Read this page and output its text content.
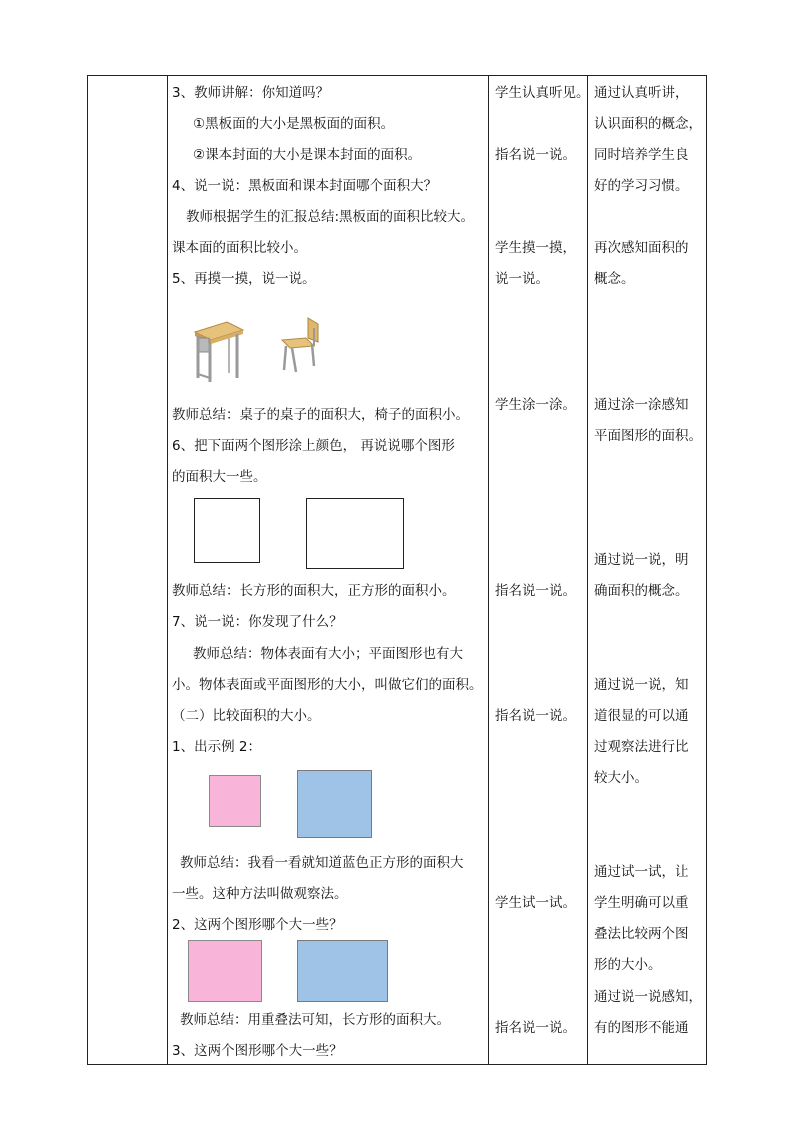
3、教师讲解：你知道吗？
①黑板面的大小是黑板面的面积。
②课本封面的大小是课本封面的面积。
4、说一说：黑板面和课本封面哪个面积大？
教师根据学生的汇报总结:黑板面的面积比较大。
课本面的面积比较小。
5、再摸一摸，说一说。
教师总结：桌子的桌子的面积大，椅子的面积小。
6、把下面两个图形涂上颜色， 再说说哪个图形
的面积大一些。
教师总结：长方形的面积大，正方形的面积小。
7、说一说：你发现了什么？
教师总结：物体表面有大小；平面图形也有大
小。物体表面或平面图形的大小，叫做它们的面积。
（二）比较面积的大小。
1、出示例 2：
教师总结：我看一看就知道蓝色正方形的面积大
一些。这种方法叫做观察法。
2、这两个图形哪个大一些？
教师总结：用重叠法可知，长方形的面积大。
3、这两个图形哪个大一些？
学生认真听见。
指名说一说。
学生摸一摸，
说一说。
学生涂一涂。
指名说一说。
指名说一说。
学生试一试。
指名说一说。
通过认真听讲，
认识面积的概念，
同时培养学生良
好的学习习惯。
再次感知面积的
概念。
通过涂一涂感知
平面图形的面积。
通过说一说，明
确面积的概念。
通过说一说，知
道很显的可以通
过观察法进行比
较大小。
通过试一试，让
学生明确可以重
叠法比较两个图
形的大小。
通过说一说感知，
有的图形不能通
